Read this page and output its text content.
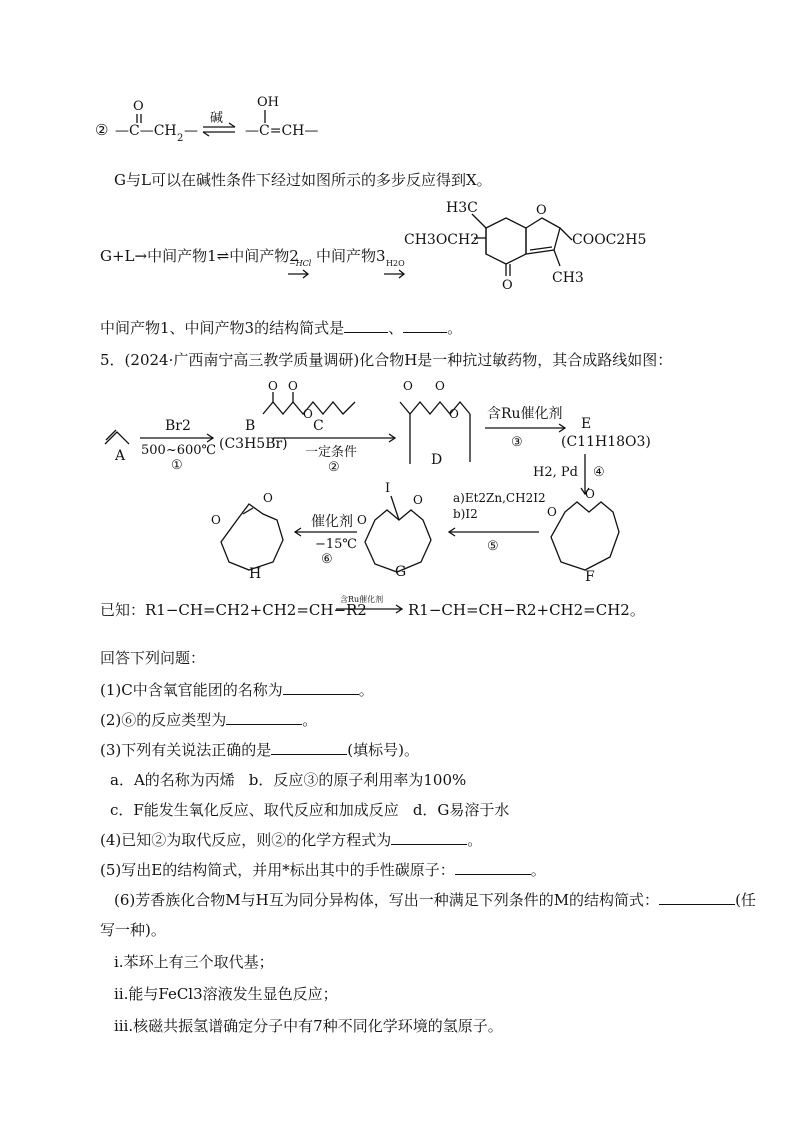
②
O
—C—CH 2 —
碱
OH
—C=CH—
G与L可以在碱性条件下经过如图所示的多步反应得到X。
G+L→中间产物1⇌中间产物2
−HCl 中间产物3 H2O
H3C
CH3OCH2
O
O
COOC2H5
CH3
中间产物1、中间产物3的结构简式是	、	。
5．(2024·广西南宁高三教学质量调研)化合物H是一种抗过敏药物，其合成路线如图：
A
Br2
500~600℃
①
B
(C3H5Br)
O O
O
C
一定条件
②
O O
O
D
含Ru催化剂
③
E
(C11H18O3)
H2, Pd ④
O
O
F
a)Et2Zn,CH2I2
b)I2
⑤
I
O
O
G
催化剂
−15℃
⑥
O
O
H
已知：R1−CH=CH2+CH2=CH−R2
含Ru催化剂
R1−CH=CH−R2+CH2=CH2。
回答下列问题：
(1)C中含氧官能团的名称为	。
(2)⑥的反应类型为	。
(3)下列有关说法正确的是	(填标号)。
a．A的名称为丙烯 b．反应③的原子利用率为100%
c．F能发生氧化反应、取代反应和加成反应 d．G易溶于水
(4)已知②为取代反应，则②的化学方程式为	。
(5)写出E的结构简式，并用*标出其中的手性碳原子：	。
(6)芳香族化合物M与H互为同分异构体，写出一种满足下列条件的M的结构简式：	(任
写一种)。
ⅰ.苯环上有三个取代基；
ⅱ.能与FeCl3溶液发生显色反应；
ⅲ.核磁共振氢谱确定分子中有7种不同化学环境的氢原子。
